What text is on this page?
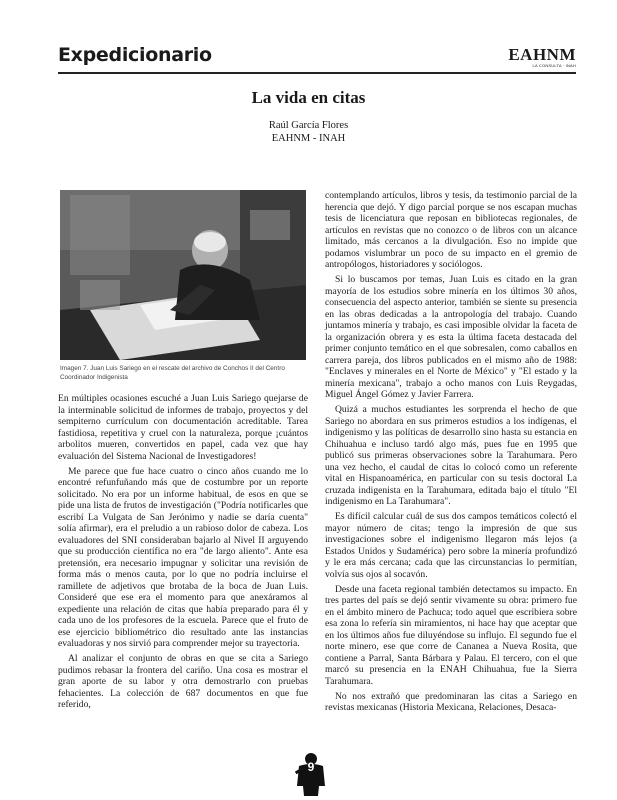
Expedicionario	EAHNM
LA CONSULTA · INAH
La vida en citas
Raúl García Flores
EAHNM - INAH
Imagen 7. Juan Luis Sariego en el rescate del archivo de Conchos II del Centro Coordinador Indigenista

En múltiples ocasiones escuché a Juan Luis Sariego quejarse de la interminable solicitud de informes de trabajo, proyectos y del sempiterno currículum con documentación acreditable. Tarea fastidiosa, repetitiva y cruel con la naturaleza, porque ¡cuántos arbolitos mueren, convertidos en papel, cada vez que hay evaluación del Sistema Nacional de Investigadores!

Me parece que fue hace cuatro o cinco años cuando me lo encontré refunfuñando más que de costumbre por un reporte solicitado. No era por un informe habitual, de esos en que se pide una lista de frutos de investigación ("Podría notificarles que escribí La Vulgata de San Jerónimo y nadie se daría cuenta" solía afirmar), era el preludio a un rabioso dolor de cabeza. Los evaluadores del SNI consideraban bajarlo al Nivel II arguyendo que su producción científica no era "de largo aliento". Ante esa pretensión, era necesario impugnar y solicitar una revisión de forma más o menos cauta, por lo que no podría incluirse el ramillete de adjetivos que brotaba de la boca de Juan Luis. Consideré que ese era el momento para que anexáramos al expediente una relación de citas que había preparado para él y cada uno de los profesores de la escuela. Parece que el fruto de ese ejercicio bibliométrico dio resultado ante las instancias evaluadoras y nos sirvió para comprender mejor su trayectoria.

Al analizar el conjunto de obras en que se cita a Sariego pudimos rebasar la frontera del cariño. Una cosa es mostrar el gran aporte de su labor y otra demostrarlo con pruebas fehacientes. La colección de 687 documentos en que fue referido,

contemplando artículos, libros y tesis, da testimonio parcial de la herencia que dejó. Y digo parcial porque se nos escapan muchas tesis de licenciatura que reposan en bibliotecas regionales, de artículos en revistas que no conozco o de libros con un alcance limitado, más cercanos a la divulgación. Eso no impide que podamos vislumbrar un poco de su impacto en el gremio de antropólogos, historiadores y sociólogos.

Si lo buscamos por temas, Juan Luis es citado en la gran mayoría de los estudios sobre minería en los últimos 30 años, consecuencia del aspecto anterior, también se siente su presencia en las obras dedicadas a la antropología del trabajo. Cuando juntamos minería y trabajo, es casi imposible olvidar la faceta de la organización obrera y es esta la última faceta destacada del primer conjunto temático en el que sobresalen, como caballos en carrera pareja, dos libros publicados en el mismo año de 1988: "Enclaves y minerales en el Norte de México" y "El estado y la minería mexicana", trabajo a ocho manos con Luis Reygadas, Miguel Ángel Gómez y Javier Farrera.

Quizá a muchos estudiantes les sorprenda el hecho de que Sariego no abordara en sus primeros estudios a los indígenas, el indigenismo y las políticas de desarrollo sino hasta su estancia en Chihuahua e incluso tardó algo más, pues fue en 1995 que publicó sus primeras observaciones sobre la Tarahumara. Pero una vez hecho, el caudal de citas lo colocó como un referente vital en Hispanoamérica, en particular con su tesis doctoral La cruzada indigenista en la Tarahumara, editada bajo el título "El indigenismo en La Tarahumara".

Es difícil calcular cuál de sus dos campos temáticos colectó el mayor número de citas; tengo la impresión de que sus investigaciones sobre el indigenismo llegaron más lejos (a Estados Unidos y Sudamérica) pero sobre la minería profundizó y le era más cercana; cada que las circunstancias lo permitían, volvía sus ojos al socavón.

Desde una faceta regional también detectamos su impacto. En tres partes del país se dejó sentir vivamente su obra: primero fue en el ámbito minero de Pachuca; todo aquel que escribiera sobre esa zona lo refería sin miramientos, ni hace hay que aceptar que en los últimos años fue diluyéndose su influjo. El segundo fue el norte minero, ese que corre de Cananea a Nueva Rosita, que contiene a Parral, Santa Bárbara y Palau. El tercero, con el que marcó su presencia en la ENAH Chihuahua, fue la Sierra Tarahumara.

No nos extrañó que predominaran las citas a Sariego en revistas mexicanas (Historia Mexicana, Relaciones, Desaca-

9
